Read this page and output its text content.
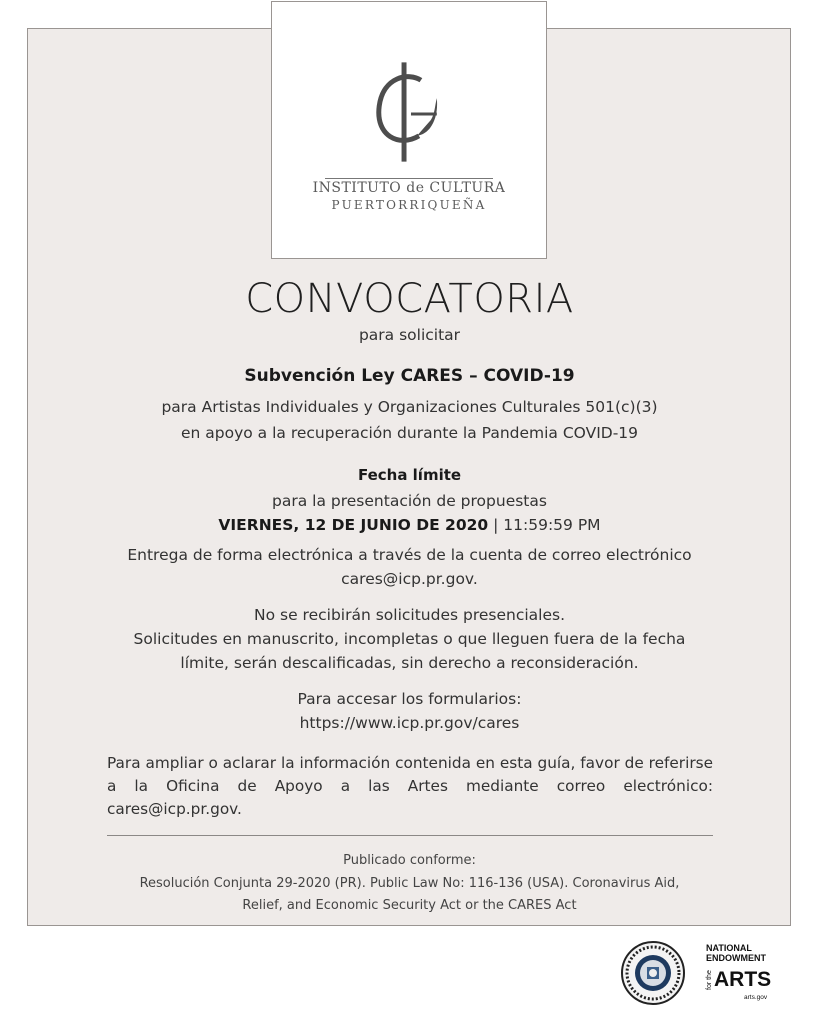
INSTITUTO de CULTURA
PUERTORRIQUEÑA
CONVOCATORIA
para solicitar
Subvención Ley CARES – COVID-19
para Artistas Individuales y Organizaciones Culturales 501(c)(3)
en apoyo a la recuperación durante la Pandemia COVID-19
Fecha límite
para la presentación de propuestas
VIERNES, 12 DE JUNIO DE 2020 | 11:59:59 PM
Entrega de forma electrónica a través de la cuenta de correo electrónico
cares@icp.pr.gov.
No se recibirán solicitudes presenciales.
Solicitudes en manuscrito, incompletas o que lleguen fuera de la fecha
límite, serán descalificadas, sin derecho a reconsideración.
Para accesar los formularios:
https://www.icp.pr.gov/cares
Para ampliar o aclarar la información contenida en esta guía, favor de referirse a la Oficina de Apoyo a las Artes mediante correo electrónico: cares@icp.pr.gov.
Publicado conforme:
Resolución Conjunta 29-2020 (PR). Public Law No: 116-136 (USA). Coronavirus Aid,
Relief, and Economic Security Act or the CARES Act
NATIONAL
ENDOWMENT
for the ARTS
arts.gov
